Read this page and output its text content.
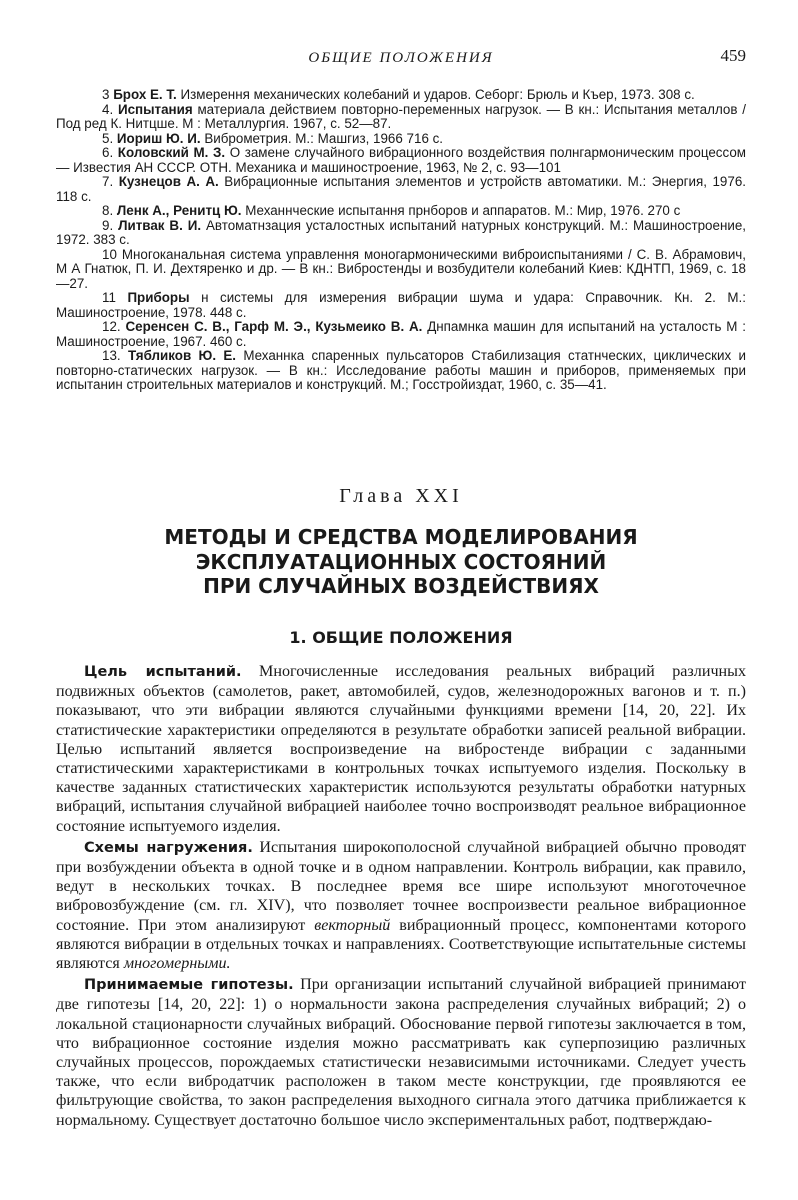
ОБЩИЕ ПОЛОЖЕНИЯ	459

3 Брох Е. Т. Измерення механических колебаний и ударов. Себорг: Брюль и Къер, 1973. 308 с.

4. Испытания материала действием повторно-переменных нагрузок. — В кн.: Испытания металлов / Под ред К. Нитцше. М : Металлургия. 1967, с. 52—87.

5. Иориш Ю. И. Виброметрия. М.: Машгиз, 1966 716 с.

6. Коловский М. З. О замене случайного вибрационного воздействия полнгармоническим процессом — Известия АН СССР. ОТН. Механика и машиностроение, 1963, № 2, с. 93—101

7. Кузнецов А. А. Вибрационные испытания элементов и устройств автоматики. М.: Энергия, 1976. 118 с.

8. Ленк А., Ренитц Ю. Механнческие испытання прнборов и аппаратов. М.: Мир, 1976. 270 с

9. Литвак В. И. Автоматнзация усталостных испытаний натурных конструкций. М.: Машиностроение, 1972. 383 с.

10 Многоканальная система управлення моногармоническими виброиспытаниями / С. В. Абрамович, М А Гнатюк, П. И. Дехтяренко и др. — В кн.: Вибростенды и возбудители колебаний Киев: КДНТП, 1969, с. 18—27.

11 Приборы н системы для измерения вибрации шума и удара: Справочник. Кн. 2. М.: Машиностроение, 1978. 448 с.

12. Серенсен С. В., Гарф М. Э., Кузьмеико В. А. Днпамнка машин для испытаний на усталость М : Машиностроение, 1967. 460 с.

13. Тябликов Ю. Е. Механнка спаренных пульсаторов Стабилизация статнческих, циклических и повторно-статических нагрузок. — В кн.: Исследование работы машин и приборов, применяемых при испытанин строительных материалов и конструкций. М.; Госстройиздат, 1960, с. 35—41.

Глава XXI
МЕТОДЫ И СРЕДСТВА МОДЕЛИРОВАНИЯ
ЭКСПЛУАТАЦИОННЫХ СОСТОЯНИЙ
ПРИ СЛУЧАЙНЫХ ВОЗДЕЙСТВИЯХ
1. ОБЩИЕ ПОЛОЖЕНИЯ

Цель испытаний. Многочисленные исследования реальных вибраций различных подвижных объектов (самолетов, ракет, автомобилей, судов, железнодорожных вагонов и т. п.) показывают, что эти вибрации являются случайными функциями времени [14, 20, 22]. Их статистические характеристики определяются в результате обработки записей реальной вибрации. Целью испытаний является воспроизведение на вибростенде вибрации с заданными статистическими характеристиками в контрольных точках испытуемого изделия. Поскольку в качестве заданных статистических характеристик используются результаты обработки натурных вибраций, испытания случайной вибрацией наиболее точно воспроизводят реальное вибрационное состояние испытуемого изделия.

Схемы нагружения. Испытания широкополосной случайной вибрацией обычно проводят при возбуждении объекта в одной точке и в одном направлении. Контроль вибрации, как правило, ведут в нескольких точках. В последнее время все шире используют многоточечное вибровозбуждение (см. гл. XIV), что позволяет точнее воспроизвести реальное вибрационное состояние. При этом анализируют векторный вибрационный процесс, компонентами которого являются вибрации в отдельных точках и направлениях. Соответствующие испытательные системы являются многомерными.

Принимаемые гипотезы. При организации испытаний случайной вибрацией принимают две гипотезы [14, 20, 22]: 1) о нормальности закона распределения случайных вибраций; 2) о локальной стационарности случайных вибраций. Обоснование первой гипотезы заключается в том, что вибрационное состояние изделия можно рассматривать как суперпозицию различных случайных процессов, порождаемых статистически независимыми источниками. Следует учесть также, что если вибродатчик расположен в таком месте конструкции, где проявляются ее фильтрующие свойства, то закон распределения выходного сигнала этого датчика приближается к нормальному. Существует достаточно большое число экспериментальных работ, подтверждаю-
